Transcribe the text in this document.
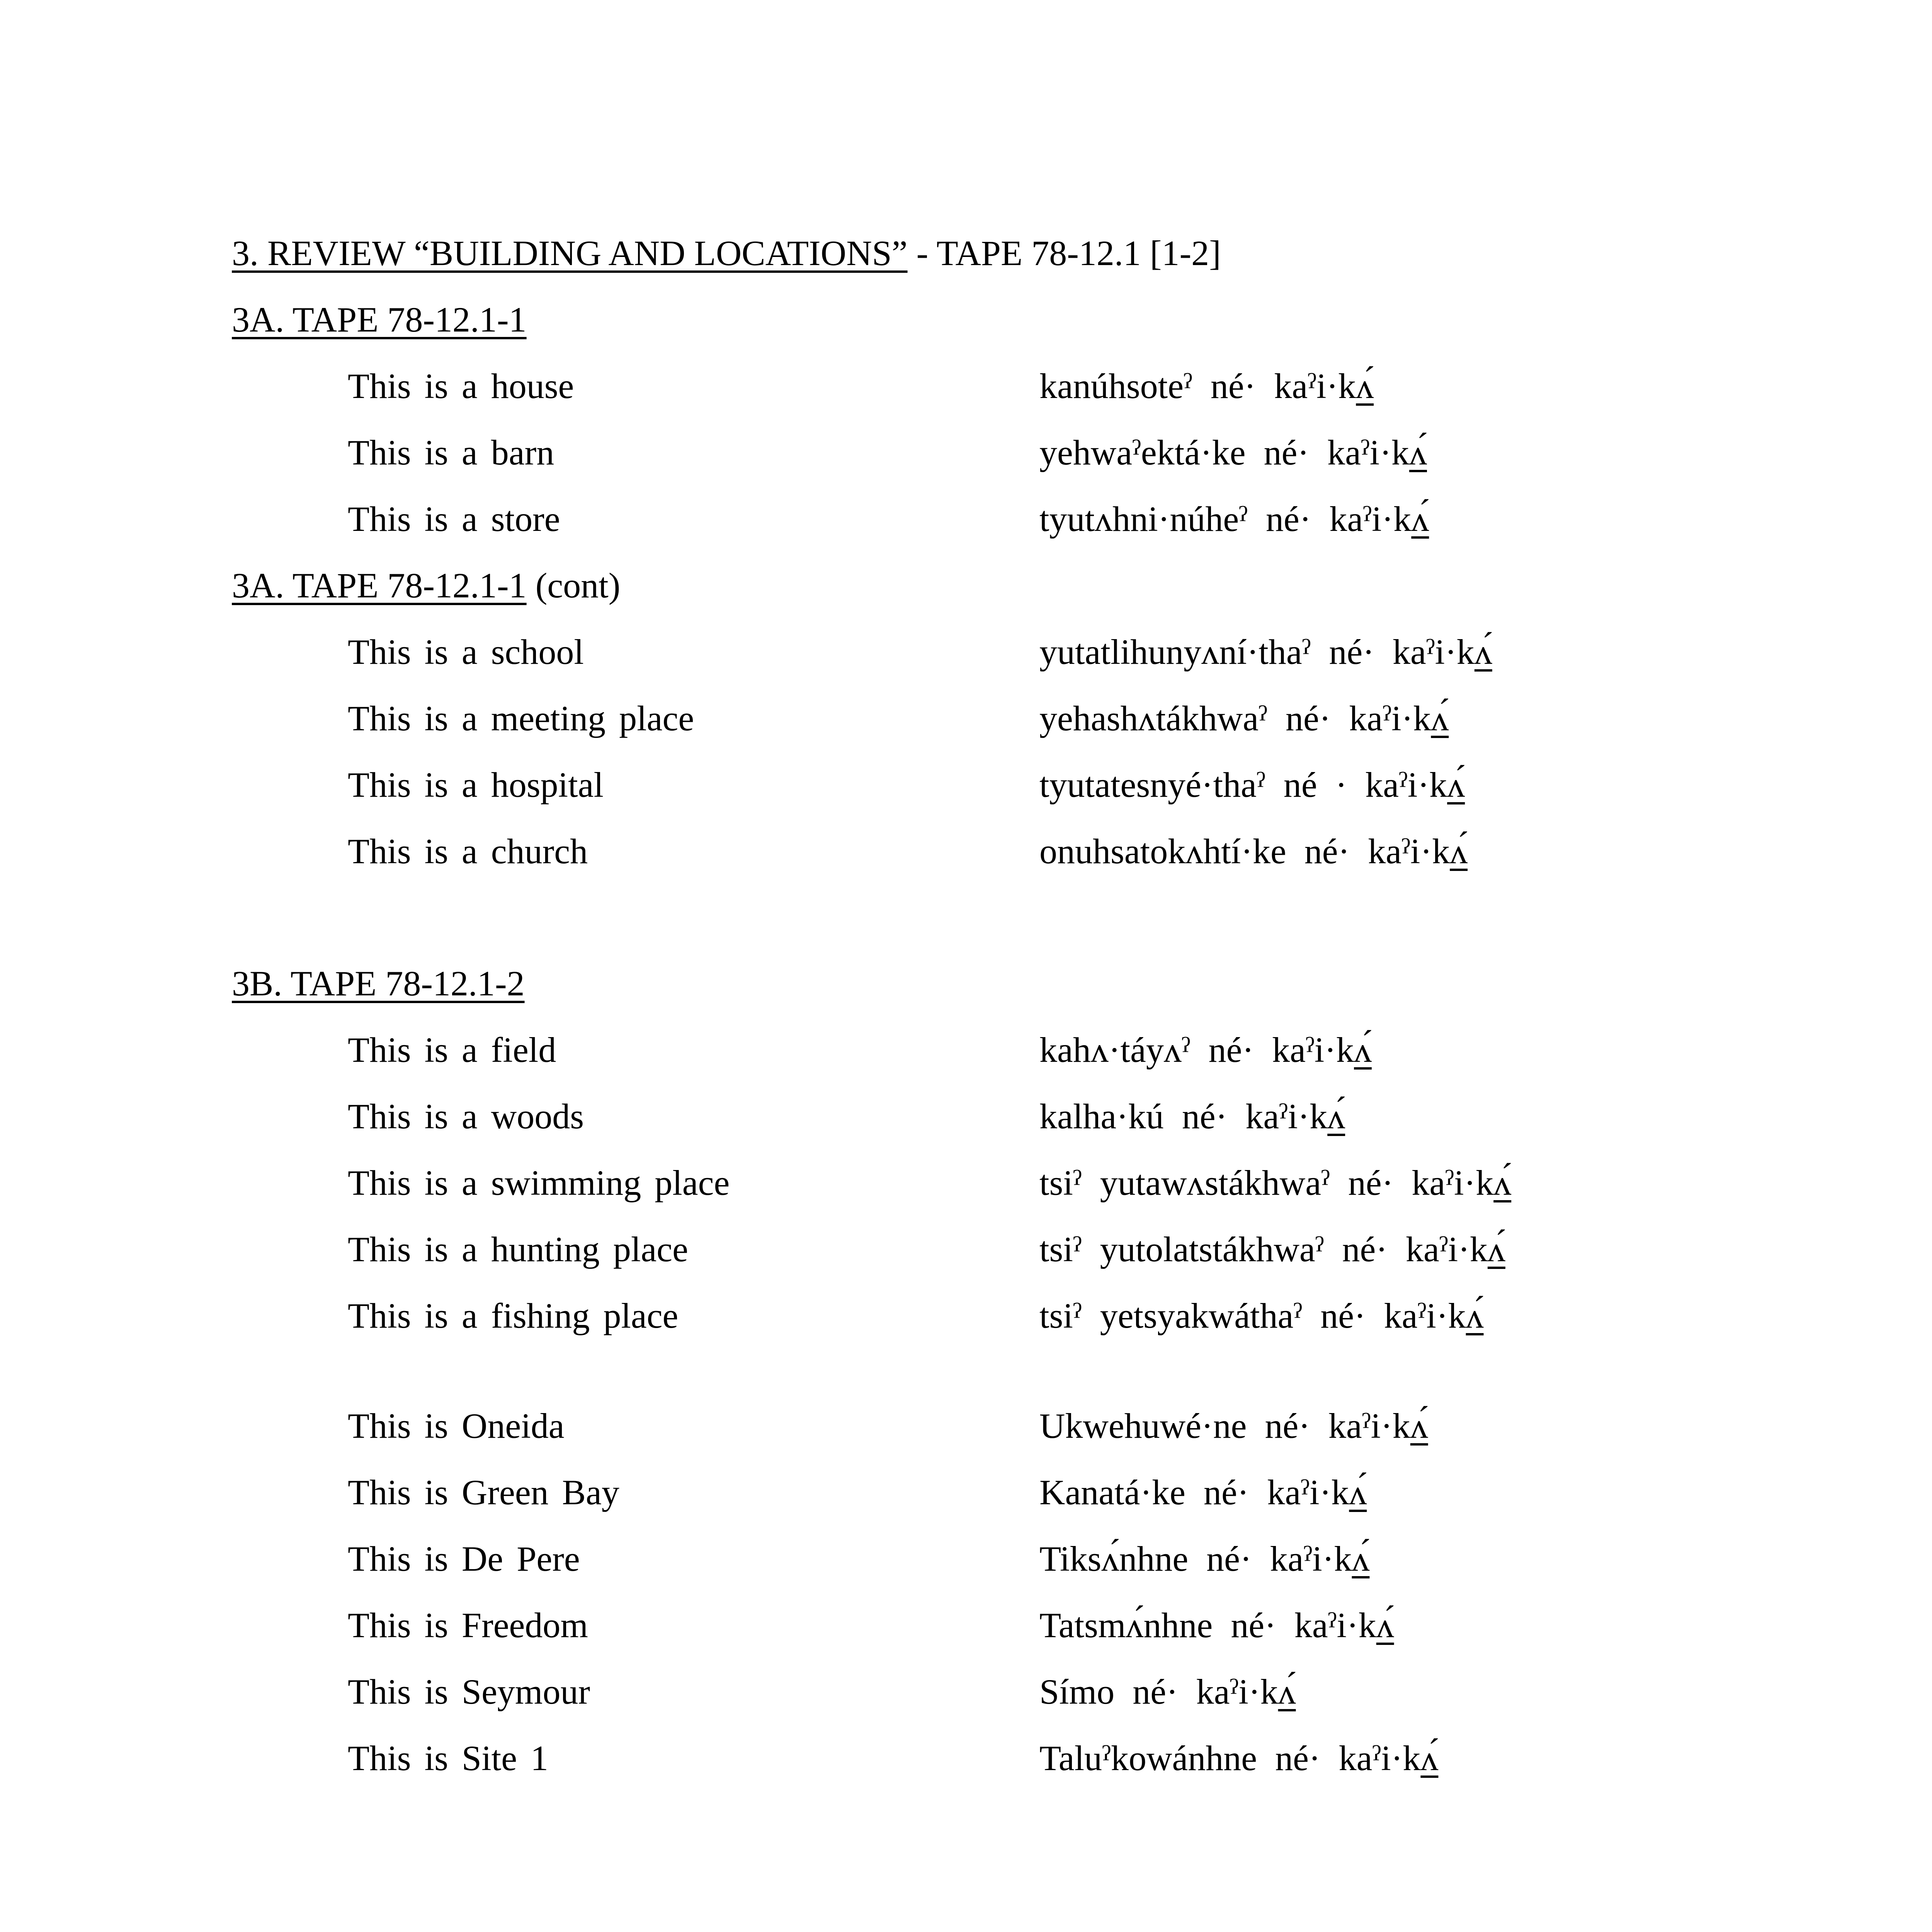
3. REVIEW “BUILDING AND LOCATIONS” - TAPE 78-12.1 [1-2]
3A. TAPE 78-12.1-1
This is a house	kanúhsoteˀ né· kaˀi·kʌ́
This is a barn	yehwaˀektá·ke né· kaˀi·kʌ́
This is a store	tyutʌhni·núheˀ né· kaˀi·kʌ́
3A. TAPE 78-12.1-1 (cont)
This is a school	yutatlihunyʌní·thaˀ né· kaˀi·kʌ́
This is a meeting place	yehashʌtákhwaˀ né· kaˀi·kʌ́
This is a hospital	tyutatesnyé·thaˀ né · kaˀi·kʌ́
This is a church	onuhsatokʌhtí·ke né· kaˀi·kʌ́
3B. TAPE 78-12.1-2
This is a field	kahʌ·táyʌˀ né· kaˀi·kʌ́
This is a woods	kalha·kú né· kaˀi·kʌ́
This is a swimming place	tsiˀ yutawʌstákhwaˀ né· kaˀi·kʌ́
This is a hunting place	tsiˀ yutolatstákhwaˀ né· kaˀi·kʌ́
This is a fishing place	tsiˀ yetsyakwáthaˀ né· kaˀi·kʌ́
This is Oneida	Ukwehuwé·ne né· kaˀi·kʌ́
This is Green Bay	Kanatá·ke né· kaˀi·kʌ́
This is De Pere	Tiksʌ́nhne né· kaˀi·kʌ́
This is Freedom	Tatsmʌ́nhne né· kaˀi·kʌ́
This is Seymour	Símo né· kaˀi·kʌ́
This is Site 1	Taluˀkowánhne né· kaˀi·kʌ́
